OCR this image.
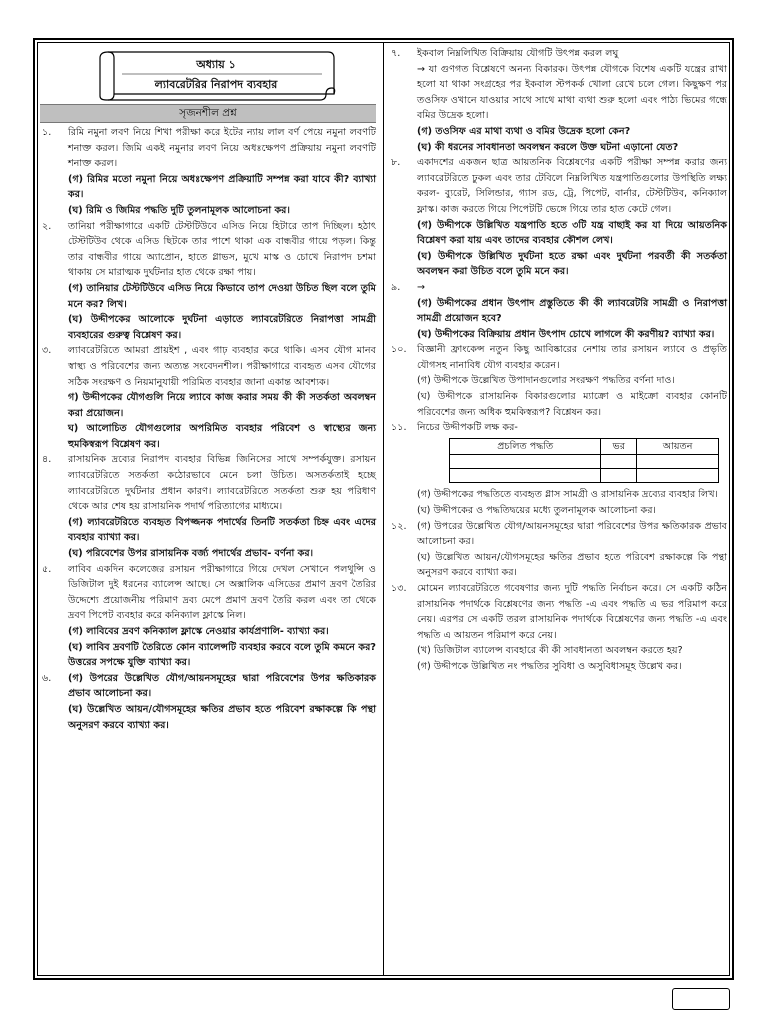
অধ্যায় ১
ল্যাবরেটরির নিরাপদ ব্যবহার
সৃজনশীল প্রশ্ন
১. রিমি নমুনা লবণ নিয়ে শিখা পরীক্ষা করে ইটের ন্যায় লাল বর্ণ পেয়ে নমুনা লবণটি শনাক্ত করল। জিমি একই নমুনার লবণ নিয়ে অধঃক্ষেপণ প্রক্রিয়ায় নমুনা লবণটি শনাক্ত করল।

(গ) রিমির মতো নমুনা নিয়ে অধঃক্ষেপণ প্রক্রিয়াটি সম্পন্ন করা যাবে কী? ব্যাখ্যা কর।

(ঘ) রিমি ও জিমির পদ্ধতি দুটি তুলনামূলক আলোচনা কর।

২. তানিয়া পরীক্ষাগারে একটি টেস্টটিউবে এসিড নিয়ে হিটারে তাপ দিচ্ছিল। হঠাৎ টেস্টটিউব থেকে এসিড ছিটকে তার পাশে থাকা এক বান্ধবীর গায়ে পড়ল। কিন্তু তার বান্ধবীর গায়ে অ্যাপ্রোন, হাতে গ্লাভস, মুখে মাস্ক ও চোখে নিরাপদ চশমা থাকায় সে মারাত্মক দুর্ঘটনার হাত থেকে রক্ষা পায়।

(গ) তানিয়ার টেস্টটিউবে এসিড নিয়ে কিভাবে তাপ দেওয়া উচিত ছিল বলে তুমি মনে কর? লিখ।

(ঘ) উদ্দীপকের আলোকে দুর্ঘটনা এড়াতে ল্যাবরেটরিতে নিরাপত্তা সামগ্রী ব্যবহারের গুরুত্ব বিশ্লেষণ কর।

৩. ল্যাবরেটরিতে আমরা প্রায়ইশ , এবং গাঢ় ব্যবহার করে থাকি। এসব যৌগ মানব স্বাস্থ্য ও পরিবেশের জন্য অত্যন্ত সংবেদনশীল। পরীক্ষাগারে ব্যবহৃত এসব যৌগের সঠিক সংরক্ষণ ও নিয়মানুযায়ী পরিমিত ব্যবহার জানা একান্ত আবশ্যক।

গ) উদ্দীপকের যৌগগুলি নিয়ে ল্যাবে কাজ করার সময় কী কী সতর্কতা অবলম্বন করা প্রয়োজন।

ঘ) আলোচিত যৌগগুলোর অপরিমিত ব্যবহার পরিবেশ ও স্বাস্থ্যের জন্য হুমকিস্বরূপ বিশ্লেষণ কর।

৪. রাসায়নিক দ্রব্যের নিরাপদ ব্যবহার বিভিন্ন জিনিসের সাথে সম্পর্কযুক্ত। রসায়ন ল্যাবরেটরিতে সতর্কতা কঠোরভাবে মেনে চলা উচিত। অসতর্কতাই হচ্ছে ল্যাবরেটরিতে দুর্ঘটনার প্রধান কারণ। ল্যাবরেটরিতে সতর্কতা শুরু হয় পরিধাণ থেকে আর শেষ হয় রাসায়নিক পদার্থ পরিত্যাগের মাধ্যমে।

(গ) ল্যাবরেটরিতে ব্যবহৃত বিপজ্জনক পদার্থের তিনটি সতর্কতা চিহ্ন এবং এদের ব্যবহার ব্যাখ্যা কর।

(ঘ) পরিবেশের উপর রাসায়নিক বর্জ্য পদার্থের প্রভাব- বর্ণনা কর।

৫. লাবিব একদিন কলেজের রসায়ন পরীক্ষাগারে গিয়ে দেখল সেখানে পলথুন্সি ও ডিজিটাল দুই ধরনের ব্যালেন্স আছে। সে অক্সালিক এসিডের প্রমাণ দ্রবণ তৈরির উদ্দেশ্যে প্রয়োজনীয় পরিমাণ দ্রব্য মেপে প্রমাণ দ্রবণ তৈরি করল এবং তা থেকে দ্রবণ পিপেট ব্যবহার করে কনিক্যাল ফ্লাস্কে নিল।

(গ) লাবিবের দ্রবণ কনিক্যাল ফ্লাস্কে নেওয়ার কার্যপ্রণালি- ব্যাখ্যা কর।

(ঘ) লাবিব দ্রবণটি তৈরিতে কোন ব্যালেন্সটি ব্যবহার করবে বলে তুমি কমনে কর? উত্তরের সপক্ষে যুক্তি ব্যাখ্যা কর।

৬. (গ) উপরের উল্লেখিত যৌগ/আয়নসমূহের দ্বারা পরিবেশের উপর ক্ষতিকারক প্রভাব আলোচনা কর।

(ঘ) উল্লেখিত আয়ন/যৌগসমূহের ক্ষতির প্রভাব হতে পরিবেশ রক্ষাকল্পে কি পন্থা অনুসরণ করবে ব্যাখ্যা কর।

৭. ইকবাল নিম্নলিখিত বিক্রিয়ায় যৌগটি উৎপন্ন করল লঘু

→ যা গুণগত বিশ্লেষণে অনন্য বিকারক। উৎপন্ন যৌগকে বিশেষ একটি যন্ত্রের রাখা হলো যা থাকা সংগ্রহের পর ইকবাল স্টপকর্ক খোলা রেখে চলে গেল। কিছুক্ষণ পর তওসিফ ওখানে যাওয়ার সাথে সাথে মাথা ব্যথা শুরু হলো এবং পাঠ্য ভিমের গন্ধে বমির উদ্রেক হলো।

(গ) তওসিফ এর মাথা ব্যথা ও বমির উদ্রেক হলো কেন?

(ঘ) কী ধরনের সাবধানতা অবলম্বন করলে উক্ত ঘটনা এড়ানো যেত?

৮. একাদশের একজন ছাত্র আয়তনিক বিশ্লেষণের একটি পরীক্ষা সম্পন্ন করার জন্য ল্যাবরেটরিতে ঢুকল এবং তার টেবিলে নিম্নলিখিত যন্ত্রপাতিগুলোর উপস্থিতি লক্ষ্য করল- ব্যুরেট, সিলিন্ডার, গ্যাস রড, ট্রে, পিপেট, বার্নার, টেস্টটিউব, কনিক্যাল ফ্লাস্ক। কাজ করতে গিয়ে পিপেটটি ভেঙ্গে গিয়ে তার হাত কেটে গেল।

(গ) উদ্দীপকে উল্লিখিত যন্ত্রপাতি হতে ৩টি যন্ত্র বাছাই কর যা দিয়ে আয়তনিক বিশ্লেষণ করা যায় এবং তাদের ব্যবহার কৌশল লেখ।

(ঘ) উদ্দীপকে উল্লিখিত দুর্ঘটনা হতে রক্ষা এবং দুর্ঘটনা পরবর্তী কী সতর্কতা অবলম্বন করা উচিত বলে তুমি মনে কর।

৯. →

(গ) উদ্দীপকের প্রধান উৎপাদ প্রস্তুতিতে কী কী ল্যাবরেটরি সামগ্রী ও নিরাপত্তা সামগ্রী প্রয়োজন হবে?

(ঘ) উদ্দীপকের বিক্রিয়ায় প্রধান উৎপাদ চোখে লাগলে কী করণীয়? ব্যাখ্যা কর।

১০. বিজ্ঞানী ফ্রাংকেন্স নতুন কিছু আবিষ্কারের নেশায় তার রসায়ন ল্যাবে ও প্রভৃতি যৌগসহ নানাবিধ যৌগ ব্যবহার করেন।

(গ) উদ্দীপকে উল্লেখিত উপাদানগুলোর সংরক্ষণ পদ্ধতির বর্ণনা দাও।

(ঘ) উদ্দীপকে রাসায়নিক বিকারগুলোর ম্যাক্রো ও মাইক্রো ব্যবহার কোনটি পরিবেশের জন্য অধিক হুমকিস্বরূপ? বিশ্লেষন কর।

১১. নিচের উদ্দীপকটি লক্ষ কর-

প্রচলিত পদ্ধতি	ভর	আয়তন

(গ) উদ্দীপকের পদ্ধতিতে ব্যবহৃত গ্লাস সামগ্রী ও রাসায়নিক দ্রব্যের ব্যবহার লিখ।

(ঘ) উদ্দীপকের ও পদ্ধতিদ্বয়ের মধ্যে তুলনামূলক আলোচনা কর।

১২. (গ) উপরের উল্লেখিত যৌগ/আয়নসমূহের দ্বারা পরিবেশের উপর ক্ষতিকারক প্রভাব আলোচনা কর।

(ঘ) উল্লেখিত আয়ন/যৌগসমূহের ক্ষতির প্রভাব হতে পরিবেশ রক্ষাকল্পে কি পন্থা অনুসরণ করবে ব্যাখ্যা কর।

১৩. মোমেন ল্যাবরেটরিতে গবেষণার জন্য দুটি পদ্ধতি নির্বাচন করে। সে একটি কঠিন রাসায়নিক পদার্থকে বিশ্লেষণের জন্য পদ্ধতি -এ এবং পদ্ধতি এ ভর পরিমাপ করে নেয়। এরপর সে একটি তরল রাসায়নিক পদার্থকে বিশ্লেষণের জন্য পদ্ধতি -এ এবং পদ্ধতি এ আয়তন পরিমাপ করে নেয়।

(খ) ডিজিটাল ব্যালেন্স ব্যবহারে কী কী সাবধানতা অবলম্বন করতে হয়?

(গ) উদ্দীপকে উল্লিখিত নং পদ্ধতির সুবিধা ও অসুবিধাসমূহ উল্লেখ কর।
